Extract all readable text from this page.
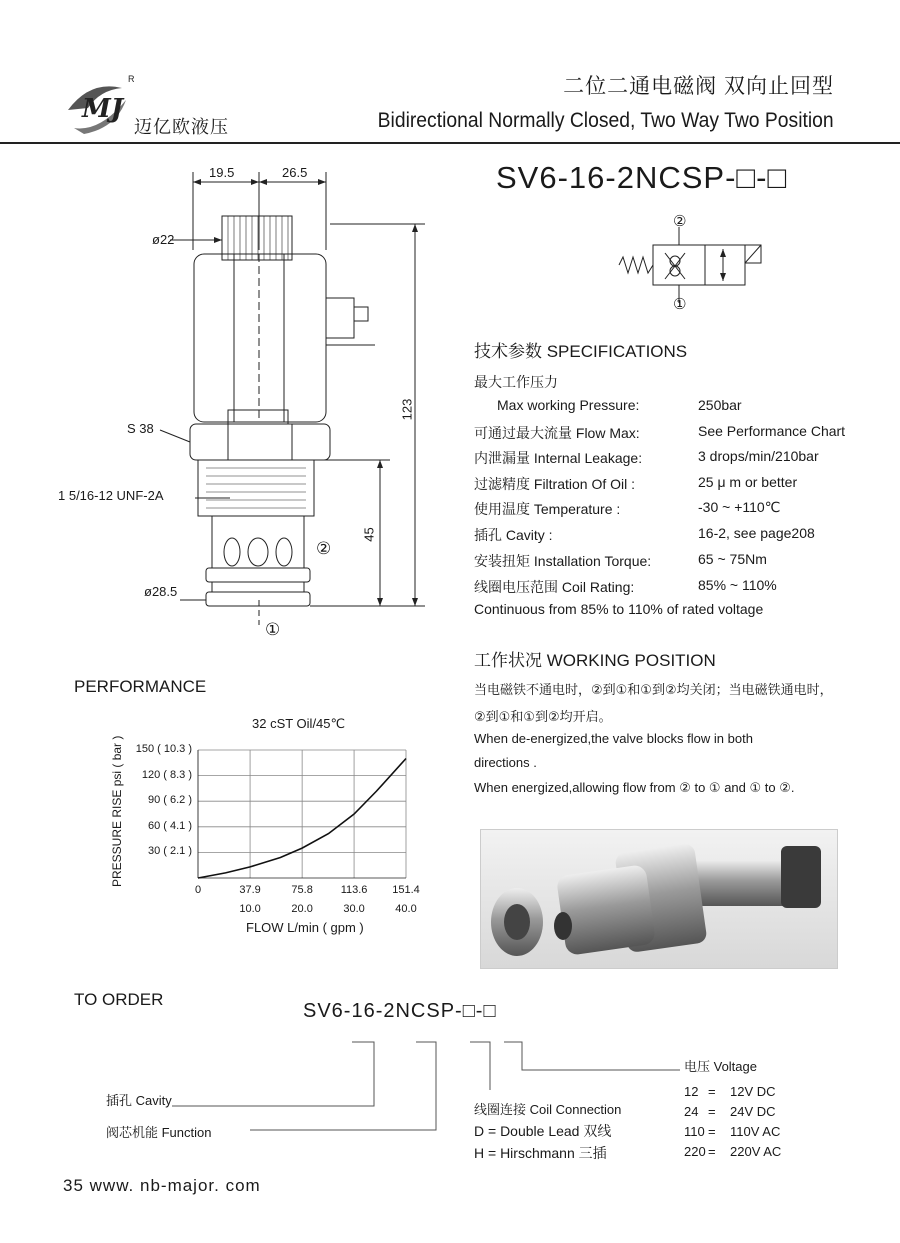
MJ
R
迈亿欧液压
二位二通电磁阀 双向止回型
Bidirectional Normally Closed, Two Way Two Position
SV6-16-2NCSP-□-□
19.5	26.5
ø22
S 38
1 5/16-12 UNF-2A
ø28.5
123
45
②
①
②
①
技术参数 SPECIFICATIONS
最大工作压力
Max working Pressure:	250bar
可通过最大流量 Flow Max:	See Performance Chart
内泄漏量 Internal Leakage:	3 drops/min/210bar
过滤精度 Filtration Of Oil :	25 μ m or better
使用温度 Temperature :	-30 ~ +110℃
插孔 Cavity :	16-2, see page208
安装扭矩 Installation Torque:	65 ~ 75Nm
线圈电压范围 Coil Rating:	85% ~ 110%
Continuous from 85% to 110% of rated voltage
工作状况 WORKING POSITION
当电磁铁不通电时，②到①和①到②均关闭；当电磁铁通电时，
②到①和①到②均开启。
When de-energized,the valve blocks flow in both
directions .
When energized,allowing flow from ② to ① and ① to ②.
PERFORMANCE
32 cST Oil/45℃
PRESSURE RISE psi ( bar )
FLOW L/min ( gpm )
30 ( 2.1 )
60 ( 4.1 )
90 ( 6.2 )
120 ( 8.3 )
150 ( 10.3 )
0	37.9	75.8	113.6 151.4
10.0	20.0	30.0	40.0
TO ORDER
SV6-16-2NCSP-□-□
插孔 Cavity
阀芯机能 Function
线圈连接 Coil Connection
D = Double Lead 双线
H = Hirschmann 三插
电压 Voltage
12 = 12V DC
24 = 24V DC
110 = 110V AC
220 = 220V AC
35 www. nb-major. com
